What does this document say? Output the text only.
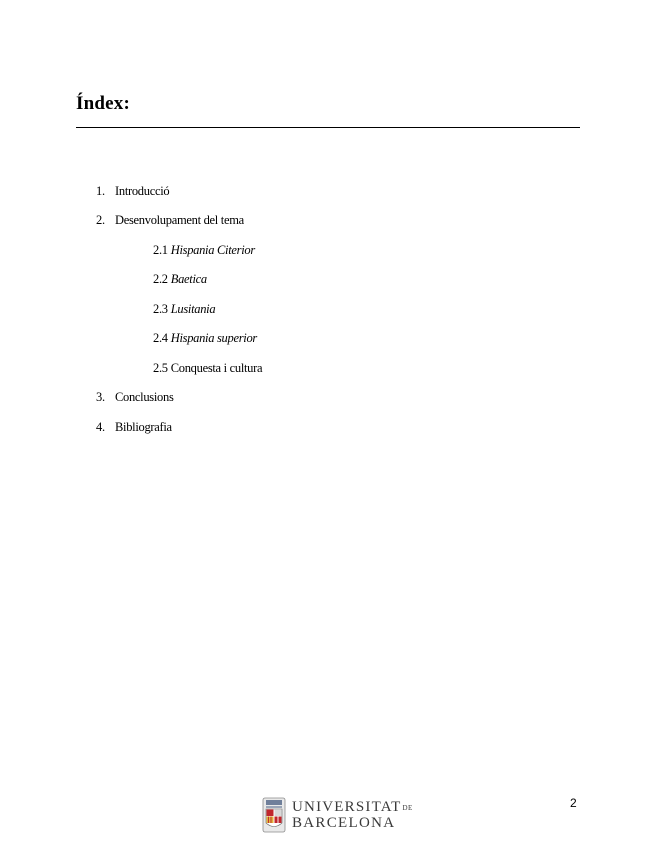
Índex:
1. Introducció
2. Desenvolupament del tema
2.1 Hispania Citerior
2.2 Baetica
2.3 Lusitania
2.4 Hispania superior
2.5 Conquesta i cultura
3. Conclusions
4. Bibliografia
2
UNIVERSITATDE
BARCELONA
